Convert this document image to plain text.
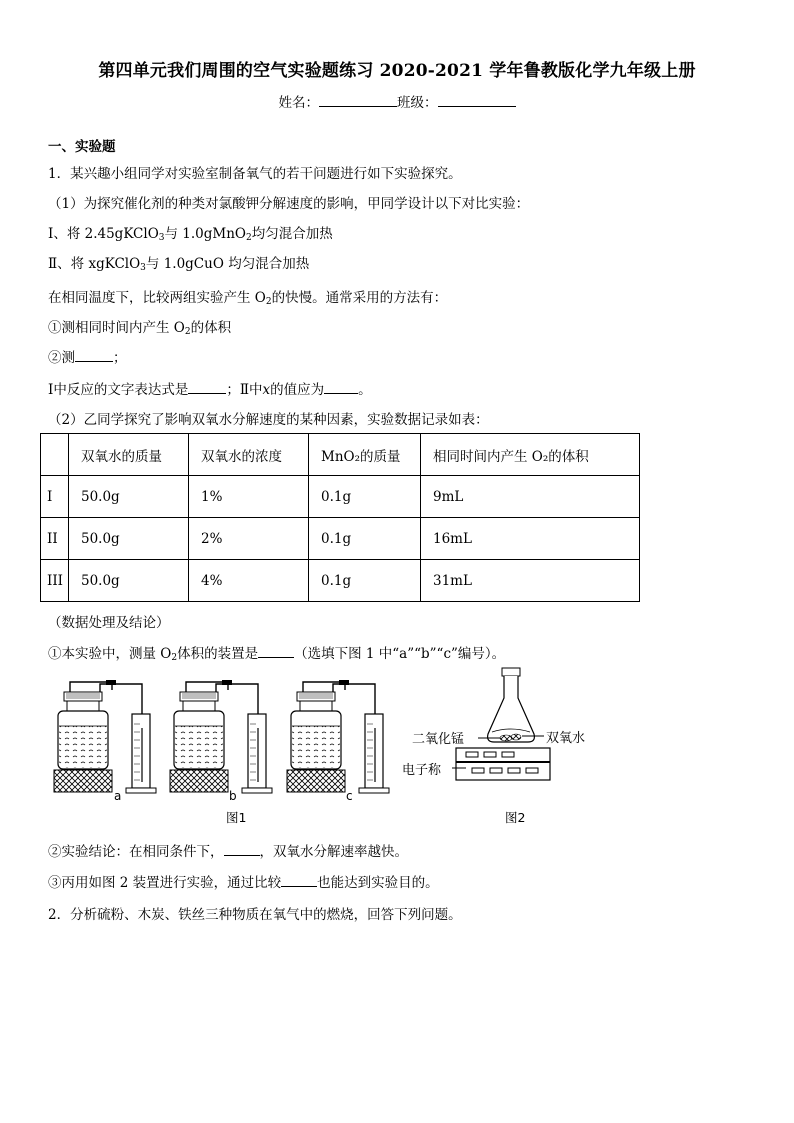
第四单元我们周围的空气实验题练习 2020-2021 学年鲁教版化学九年级上册
姓名：	班级：
一、实验题
1．某兴趣小组同学对实验室制备氧气的若干问题进行如下实验探究。
（1）为探究催化剂的种类对氯酸钾分解速度的影响，甲同学设计以下对比实验：
Ⅰ、将 2.45gKClO$_3$与 1.0gMnO$_2$均匀混合加热
Ⅱ、将 xgKClO$_3$与 1.0gCuO 均匀混合加热
在相同温度下，比较两组实验产生 $O_2$的快慢。通常采用的方法有：
①测相同时间内产生 $O_2$的体积
②测	；
Ⅰ中反应的文字表达式是	；Ⅱ中x的值应为	。
（2）乙同学探究了影响双氧水分解速度的某种因素，实验数据记录如表：
	双氧水的质量	双氧水的浓度	MnO₂的质量	相同时间内产生 O₂的体积
I	50.0g	1%	0.1g	9mL
II	50.0g	2%	0.1g	16mL
III	50.0g	4%	0.1g	31mL
（数据处理及结论）
①本实验中，测量 $O_2$体积的装置是	（选填下图 1 中“a”“b”“c”编号）。
a	b	c
图1
二氧化锰	双氧水
电子称
图2
②实验结论：在相同条件下，	，双氧水分解速率越快。
③丙用如图 2 装置进行实验，通过比较	也能达到实验目的。
2．分析硫粉、木炭、铁丝三种物质在氧气中的燃烧，回答下列问题。
